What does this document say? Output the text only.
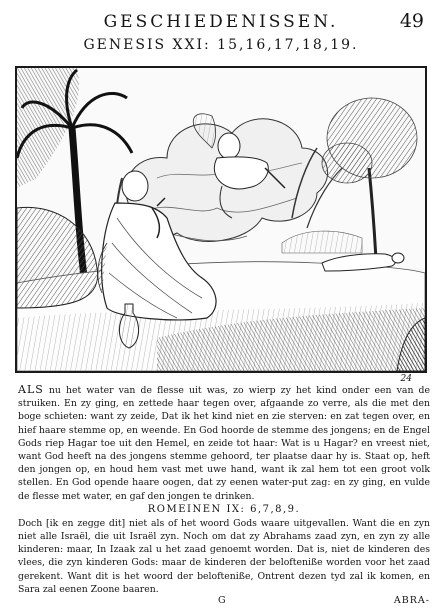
GESCHIEDENISSEN.	49
GENESIS XXI: 15,16,17,18,19.
24

ALS nu het water van de flesse uit was, zo wierp zy het kind onder een van de struiken. En zy ging, en zettede haar tegen over, afgaande zo verre, als die met den boge schieten: want zy zeide, Dat ik het kind niet en zie sterven: en zat tegen over, en hief haare stemme op, en weende. En God hoorde de stemme des jongens; en de Engel Gods riep Hagar toe uit den Hemel, en zeide tot haar: Wat is u Hagar? en vreest niet, want God heeft na des jongens stemme gehoord, ter plaatse daar hy is. Staat op, heft den jongen op, en houd hem vast met uwe hand, want ik zal hem tot een groot volk stellen. En God opende haare oogen, dat zy eenen water-put zag: en zy ging, en vulde de flesse met water, en gaf den jongen te drinken.

ROMEINEN IX: 6,7,8,9.

Doch [ik en zegge dit] niet als of het woord Gods waare uitgevallen. Want die en zyn niet alle Israël, die uit Israël zyn. Noch om dat zy Abrahams zaad zyn, en zyn zy alle kinderen: maar, In Izaak zal u het zaad genoemt worden. Dat is, niet de kinderen des vlees, die zyn kinderen Gods: maar de kinderen der belofteniße worden voor het zaad gerekent. Want dit is het woord der belofteniße, Ontrent dezen tyd zal ik komen, en Sara zal eenen Zoone baaren.

G	ABRA-
